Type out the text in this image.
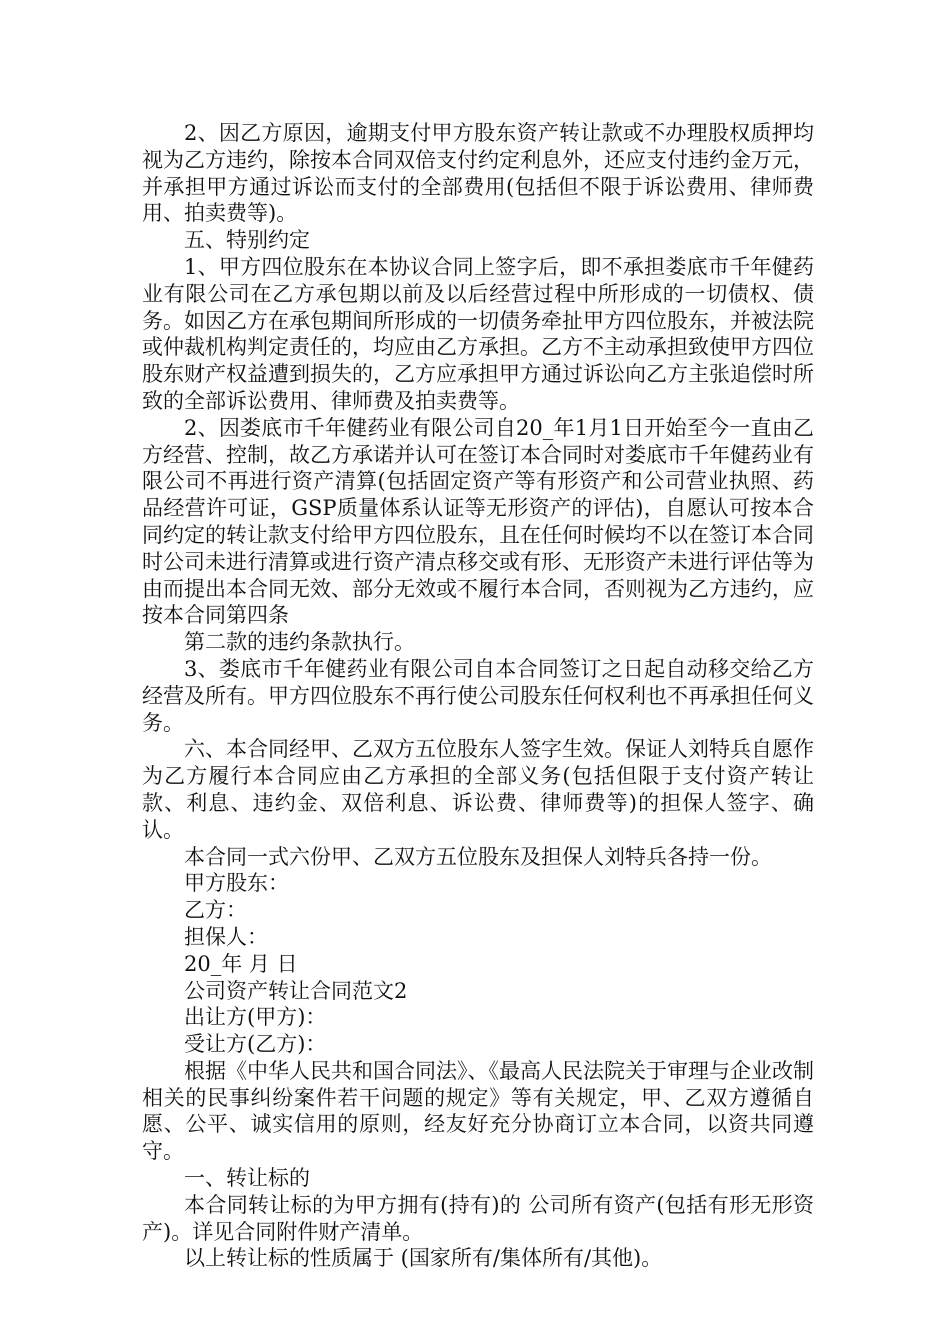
2、因乙方原因，逾期支付甲方股东资产转让款或不办理股权质押均视为乙方违约，除按本合同双倍支付约定利息外，还应支付违约金万元，并承担甲方通过诉讼而支付的全部费用(包括但不限于诉讼费用、律师费用、拍卖费等)。

五、特别约定

1、甲方四位股东在本协议合同上签字后，即不承担娄底市千年健药业有限公司在乙方承包期以前及以后经营过程中所形成的一切债权、债务。如因乙方在承包期间所形成的一切债务牵扯甲方四位股东，并被法院或仲裁机构判定责任的，均应由乙方承担。乙方不主动承担致使甲方四位股东财产权益遭到损失的，乙方应承担甲方通过诉讼向乙方主张追偿时所致的全部诉讼费用、律师费及拍卖费等。

2、因娄底市千年健药业有限公司自20_年1月1日开始至今一直由乙方经营、控制，故乙方承诺并认可在签订本合同时对娄底市千年健药业有限公司不再进行资产清算(包括固定资产等有形资产和公司营业执照、药品经营许可证，GSP质量体系认证等无形资产的评估)，自愿认可按本合同约定的转让款支付给甲方四位股东，且在任何时候均不以在签订本合同时公司未进行清算或进行资产清点移交或有形、无形资产未进行评估等为由而提出本合同无效、部分无效或不履行本合同，否则视为乙方违约，应按本合同第四条

第二款的违约条款执行。

3、娄底市千年健药业有限公司自本合同签订之日起自动移交给乙方经营及所有。甲方四位股东不再行使公司股东任何权利也不再承担任何义务。

六、本合同经甲、乙双方五位股东人签字生效。保证人刘特兵自愿作为乙方履行本合同应由乙方承担的全部义务(包括但限于支付资产转让款、利息、违约金、双倍利息、诉讼费、律师费等)的担保人签字、确认。

本合同一式六份甲、乙双方五位股东及担保人刘特兵各持一份。

甲方股东：

乙方：

担保人：

20_年 月 日

公司资产转让合同范文2

出让方(甲方)：

受让方(乙方)：

根据《中华人民共和国合同法》、《最高人民法院关于审理与企业改制相关的民事纠纷案件若干问题的规定》等有关规定，甲、乙双方遵循自愿、公平、诚实信用的原则，经友好充分协商订立本合同，以资共同遵守。

一、转让标的

本合同转让标的为甲方拥有(持有)的 公司所有资产(包括有形无形资产)。详见合同附件财产清单。

以上转让标的性质属于 (国家所有/集体所有/其他)。
